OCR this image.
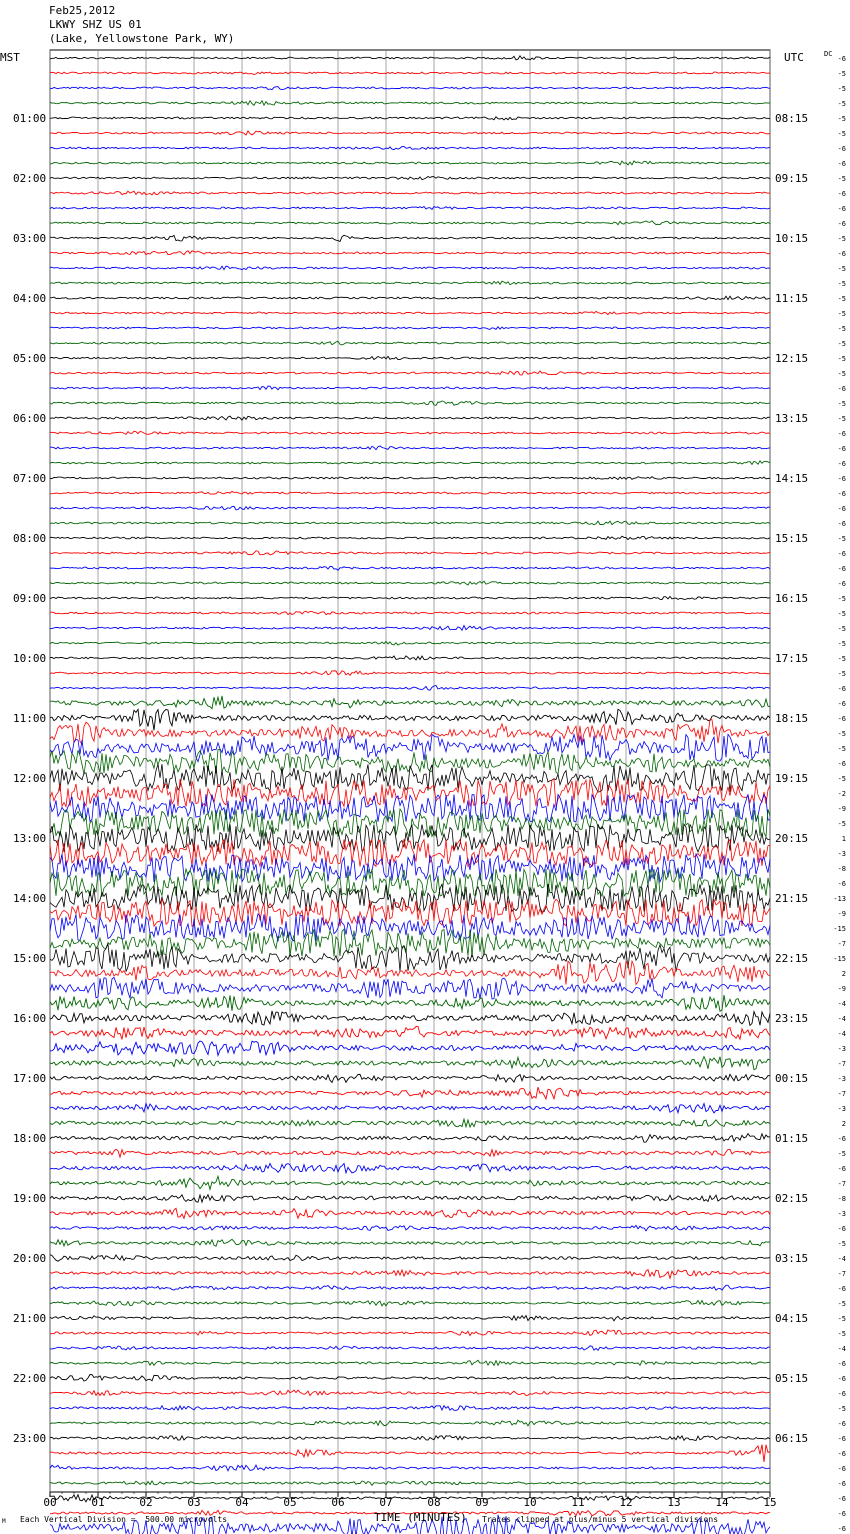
Feb25,2012
LKWY SHZ US 01
(Lake, Yellowstone Park, WY)
MST	UTC	DC
00	01	02	03	04	05	06	07	08	09	10	11	12	13	14	15
-6
-5
-5
-5
-5
-5
-6
-6
-5
-6
-6
-6
-5
-6
-5
-5
-5
-5
-5
-5
-5
-5
-6
-5
-5
-6
-6
-6
-6
-6
-6
-6
-5
-6
-6
-6
-5
-5
-5
-5
-5
-5
-6
-6
-6
-5
-5
-6
-5
-2
-9
-5
1
-3
-8
-6
-13
-9
-15
-7
-15
2
-9
-4
-4
-4
-3
-7
-3
-7
-3
2
-6
-5
-6
-7
-8
-3
-6
-5
-4
-7
-6
-5
-5
-5
-4
-6
-6
-6
-5
-6
-6
-6
-6
-6
-6
-6
-6
01:00
02:00
03:00
04:00
05:00
06:00
07:00
08:00
09:00
10:00
11:00
12:00
13:00
14:00
15:00
16:00
17:00
18:00
19:00
20:00
21:00
22:00
23:00
08:15
09:15
10:15
11:15
12:15
13:15
14:15
15:15
16:15
17:15
18:15
19:15
20:15
21:15
22:15
23:15
00:15
01:15
02:15
03:15
04:15
05:15
06:15
Each Vertical Division =  500.00 microvolts	Traces clipped at plus/minus 5 vertical divisions
M	TIME (MINUTES)
